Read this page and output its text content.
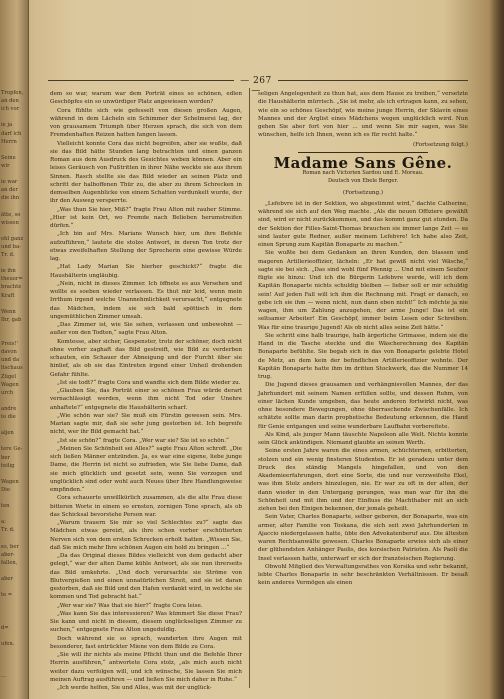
Tropfen,
an den
ich vor
ie ja
darf ich
Herrn
Seine
wir
ie war
an der
die ihn
ätte, so
wissen
ohl ganz
und ba-
Tr. d.
ie ihn
theuer=
brachte
Kraft
Wenn
Ihr, gab
Preis!'
davon
und da
ltschaus
Zügel
Wagen
urch
andre
te die
aljen
tere Ge-
ber
teilig
Wagen
Die
ten
a:
Tr. d.
es, ber
aber-
fallen,
aber
te =
d=
ufen.
...
— 267 —

dem so war, warum war dem Porträt eines so schönen, edlen Geschöpfes ein so unwürdiger Platz angewiesen worden?

Cora fühlte sich wie gefesselt von diesen großen Augen, während in dem Lächeln ein Schimmer der Schelmerei lag, der von grausamem Triumph über Herzen sprach, die sich von dem Fremdenhaften Reizen hatten fangen lassen.

Vielleicht konnte Cora das nicht begreifen, aber sie wußte, daß sie das Bild hätte Stunden lang betrachten und einen ganzen Roman aus dem Ausdruck des Gesichtes weben können. Aber ein leises Geräusch von Fußtritten in ihrer Nähe weckte sie aus ihrem Sinnen. Rasch stellte sie das Bild wieder an seinen Platz und schritt der halboffenen Thür zu, die aber zu ihrem Schrecken in demselben Augenblicke von einem Schatten verdunkelt wurde, der ihr den Ausweg versperrte.

„Was thun Sie hier, Miß?“ fragte Frau Alton mit rauher Stimme. „Hier ist kein Ort, wo Fremde nach Belieben herumstreifen dürfen.“

„Ich bin auf Mrs. Marians Wunsch hier, um ihre Befehle aufzuführen,“ lautete die stolze Antwort, in deren Ton trotz der etwas zweifelhaften Stellung der Sprecherin eine gewisse Würde lag.

„Hat Lady Marian Sie hierher geschickt?“ fragte die Haushälterin ungläubig.

„Nein, nicht in dieses Zimmer. Ich öffnete es aus Versehen und wollte es soeben wieder verlassen. Es thut mir leid, wenn mein Irrthum irgend welche Unannehmlichkeit verursacht,“ entgegnete das Mädchen, indem sie sich bald spöttisch in dem ungemüthlichen Zimmer umsah.

„Das Zimmer ist, wie Sie sehen, verlassen und unbewohnt — außer von den Todten,“ sagte Frau Alton.

Komtesse, aber sicher, Gespenster, trotz der schöner, doch nicht ohne vorher zaghaft das Bild gestreift, wie Bild zu verderben schauten, ein Schauer der Abneigung und der Furcht über sie hinlief, als ob sie das Eintreten irgend einer Unheil drohenden Gefahr fühlte.

„Ist sie todt?“ fragte Cora und wandte sich dem Bilde wieder zu.

„Glauben Sie, das Porträt einer so schönen Frau würde derart vernachlässigt werden, wenn ihm nicht Tod oder Unehre anhaftete?“ entgegnete die Haushälterin scharf.

„Wie schön war sie? Sie muß ein Fürstin gewesen sein. Mrs. Marian sagte mir, daß sie sehr jung gestorben ist. Ich begreife nicht, wer ihr Bild gemacht hat.“

„Ist sie schön?“ fragte Cora. „Wer war sie? Sie ist so schön.“

„Meinen Sie Schönheit sei Alles?“ sagte Frau Alton schroff. „Die sich ließen Männer entzünden. Ja, es war eine eigene, liebe junge Dame, die Herrin ist nicht so zufrieden, wie Sie liebe Dame, daß sie mich glücklich und gesetzt sein, wenn Sie vorzogen und unglücklich sind oder wohl auch Neues über Ihre Handlungsweise empfinden.“

Cora schauerte unwillkürlich zusammen, als die alte Frau diese bitteren Worte in einem so ernsten, zornigen Tone sprach, als ob das Schicksal bevorstehe Person war.

„Warum trauern Sie mir so viel Schlechtes zu?“ sagte das Mädchen etwas gereizt, als ihre schon vorher erschütterten Nerven sich von dem ersten Schrecken erholt hatten. „Wissen Sie, daß Sie mich mehr Ihre schönen Augen ein hold zu bringen ...“

„Da das Original dieses Bildes vielleicht von dem gedacht aber gelegt,“ war der alten Dame kühle Antwort, als sie nun ihrerseits das Bild umkehrte. „Und doch verursachte sie Ströme von Blutvergießen und einen unnatürlichen Streit, und sie ist daran gestorben, daß sie Bild und den Hafen verdankt wird, in welche sie kommen und Tod gebracht hat.“

„Wer war sie? Was that sie hier?“ fragte Cora leise.

„Was kann Sie das interessieren? Was kümmert Sie diese Frau? Sie kann und nicht in diesem, diesem unglückseligen Zimmer zu suchen,“ entgegnete Frau Alton ungeduldig.

Doch während sie so sprach, wanderten ihre Augen mit besonderer, fast entrückter Miene von dem Bilde zu Cora.

„Sie will ihr nichts als meine Pflicht thun und die Befehle Ihrer Herrin ausführen,“ antwortete Cora stolz, „als mich auch nicht weiter dazu verfolgen will, und ich wünsche, Sie lassen Sie mich meinen Auftrag ausführen — und ließen Sie mich daher in Ruhe.“

„Ich werde helfen, Sie und Alles, was mit der unglück-

seligen Angelegenheit zu thun hat, aus dem Hause zu treiben,“ versetzte die Haushälterin mürrisch. „Sie ist mehr, als ich ertragen kann, zu sehen, wie ein so schönes Geschöpf, wie meine junge Herrin, der Sklavin eines Mannes und der Arglist eines Mädchens wegen unglücklich wird. Nun gehen Sie aber fort von hier ... und wenn Sie mir sagen, was Sie wünschen, helfe ich Ihnen, wenn ich es für recht halte.“

(Fortsetzung folgt.)
Madame Sans Gêne.
Roman nach Victorien Sardou und E. Moreau.
Deutsch von Ebele Berger.
(Fortsetzung.)

„Lefebvre ist in der Sektion, wo abgestimmt wird,“ dachte Catherine, während sie sich auf den Weg machte. „Als die neuen Offiziere gewählt sind, wird er nicht zurückkommen, und das kommt ganz gut stunden. Da der Sektion der Filles-Saint-Thomas brauchen sie immer lange Zeit — es sind lauter gute Redner, außer meinem Lefebvre! Ich habe also Zeit, einen Sprung zum Kapitän Bonaparte zu machen.“

Sie wußte bei dem Gedanken an ihren Kunden, den blassen und mageren Artillerieoffizier, lächeln: „Er hat gewiß nicht viel Wäsche,“ sagte sie bei sich. „Das sind wohl fünf Pfennig ... Und mit einem Seufzer fügte sie hinzu: Und ich die Bürgerin Lefebvre werde, will ich dem Kapitän Bonaparte nichts schuldig bleiben — lieber soll er mir schuldig sein! Auf jeden Fall will ich ihm die Rechnung mit. Fragt er danach, so gebe ich sie ihm — wenn nicht, nun dann eben nicht!“ Ich möchte ja nie wagen, ihm um Zahlung anzugehen, der arme Junge! Das ist ein seltsamer Arbeiter! Ein Geschöpf, immer beim Lesen oder Schreiben. Was für eine traurige Jugend! Als ob nicht alles seine Zeit hätte.“

Sie schritt eine halb traurige, halb ärgerliche Grimasse, indem sie die Hand in die Tasche steckte und die Wäscherechnung des Kapitän Bonaparte befühlte. Sie begab sich in das von Bonaparte gelebte Hotel de Metz, an dem kein der befindlichen Artillerieoffizier wohnte. Der Kapitän Bonaparte hatte ihm im dritten Stockwerk, das die Nummer 14 trug.

Die Jugend dieses grausamen und verhängnisvollen Mannes, der das Jahrhundert mit seinem Namen erfüllen sollte, und dessen Ruhm, von einer lächen Kunde umgeben, das heute anderen fortwirkt nicht, was ohne besondere Bewegungen, ohne überraschende Zwischenfälle. Ich schätzte sollte man darin prophetische Bedeutung erkennen, die Hand für Genie entgangen und seine wunderbare Laufbahn vorbereitete.

Als Kind, als junger Mann täuschte Napoleon alle Welt. Nichts konnte sein Glück ankündigen. Niemand glaubte an seinen Werth.

Seine ersten Jahre waren die eines armen, schüchternen, erbitterten, stolzen und ein wenig finsteren Studenten. Er ist geradezu unter dem Druck des ständig Mangels hingefallen, und von den Akademieerfahrungen, dort eine Sorte, die und nur verzweifelte Ekel, was ihm Stolz anders hinzulegen, nie. Er war zu oft in der alten, der dann wieder in den Untergang gerungen, was man war für ihn die Schönheit und mit ihm und der Einfluss die Machthaber mit an sich ziehen bei den Einigen bekennen, der jemals geheilt.

Sein Vater, Charles Bonaparte, selber geboren, der Bonaparte, was ein armer, alter Familie von Toskana, die sich seit zwei Jahrhunderten in Ajaccio niedergelassen hatte, übte den Advokatenberuf aus. Die ältesten waren Rechtsanwälte gewesen. Charles Bonaparte erwies sich als einer der glühendsten Anhänger Paolis, des korsischen Patrioten. Als Paoli die Insel verlassen hatte, unterwarf er sich der französischen Regierung.

Obwohl Mitglied des Verwaltungsrathes von Korsika und sehr bekannt, lebte Charles Bonaparte in sehr beschränkten Verhältnissen. Er besaß kein anderes Vermögen als einen
